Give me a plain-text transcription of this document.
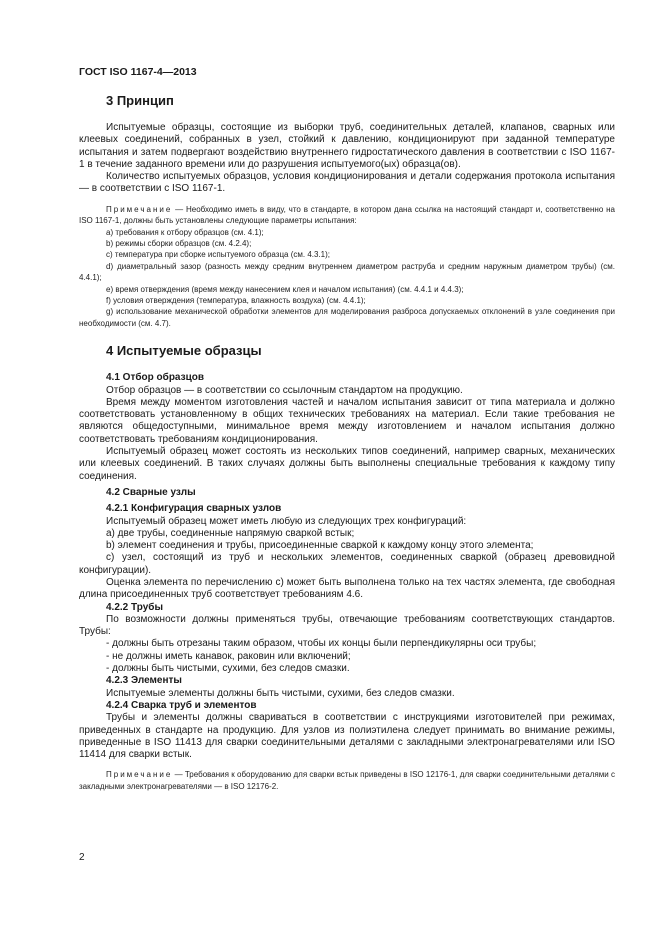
ГОСТ ISO 1167-4—2013
3 Принцип

Испытуемые образцы, состоящие из выборки труб, соединительных деталей, клапанов, сварных или клеевых соединений, собранных в узел, стойкий к давлению, кондиционируют при заданной температуре испытания и затем подвергают воздействию внутреннего гидростатического давления в соответствии с ISO 1167-1 в течение заданного времени или до разрушения испытуемого(ых) образца(ов).

Количество испытуемых образцов, условия кондиционирования и детали содержания протокола испытания — в соответствии с ISO 1167-1.

Примечание — Необходимо иметь в виду, что в стандарте, в котором дана ссылка на настоящий стандарт и, соответственно на ISO 1167-1, должны быть установлены следующие параметры испытания:

a) требования к отбору образцов (см. 4.1);

b) режимы сборки образцов (см. 4.2.4);

c) температура при сборке испытуемого образца (см. 4.3.1);

d) диаметральный зазор (разность между средним внутреннем диаметром раструба и средним наружным диаметром трубы) (см. 4.4.1);

e) время отверждения (время между нанесением клея и началом испытания) (см. 4.4.1 и 4.4.3);

f) условия отверждения (температура, влажность воздуха) (см. 4.4.1);

g) использование механической обработки элементов для моделирования разброса допускаемых отклонений в узле соединения при необходимости (см. 4.7).

4 Испытуемые образцы
4.1 Отбор образцов

Отбор образцов — в соответствии со ссылочным стандартом на продукцию.

Время между моментом изготовления частей и началом испытания зависит от типа материала и должно соответствовать установленному в общих технических требованиях на материал. Если такие требования не являются общедоступными, минимальное время между изготовлением и началом испытания должно соответствовать требованиям кондиционирования.

Испытуемый образец может состоять из нескольких типов соединений, например сварных, механических или клеевых соединений. В таких случаях должны быть выполнены специальные требования к каждому типу соединения.

4.2 Сварные узлы
4.2.1 Конфигурация сварных узлов

Испытуемый образец может иметь любую из следующих трех конфигураций:

a) две трубы, соединенные напрямую сваркой встык;

b) элемент соединения и трубы, присоединенные сваркой к каждому концу этого элемента;

c) узел, состоящий из труб и нескольких элементов, соединенных сваркой (образец древовидной конфигурации).

Оценка элемента по перечислению с) может быть выполнена только на тех частях элемента, где свободная длина присоединенных труб соответствует требованиям 4.6.

4.2.2 Трубы

По возможности должны применяться трубы, отвечающие требованиям соответствующих стандартов. Трубы:

- должны быть отрезаны таким образом, чтобы их концы были перпендикулярны оси трубы;

- не должны иметь канавок, раковин или включений;

- должны быть чистыми, сухими, без следов смазки.

4.2.3 Элементы

Испытуемые элементы должны быть чистыми, сухими, без следов смазки.

4.2.4 Сварка труб и элементов

Трубы и элементы должны свариваться в соответствии с инструкциями изготовителей при режимах, приведенных в стандарте на продукцию. Для узлов из полиэтилена следует принимать во внимание режимы, приведенные в ISO 11413 для сварки соединительными деталями с закладными электронагревателями или ISO 11414 для сварки встык.

Примечание — Требования к оборудованию для сварки встык приведены в ISO 12176-1, для сварки соединительными деталями с закладными электронагревателями — в ISO 12176-2.

2
